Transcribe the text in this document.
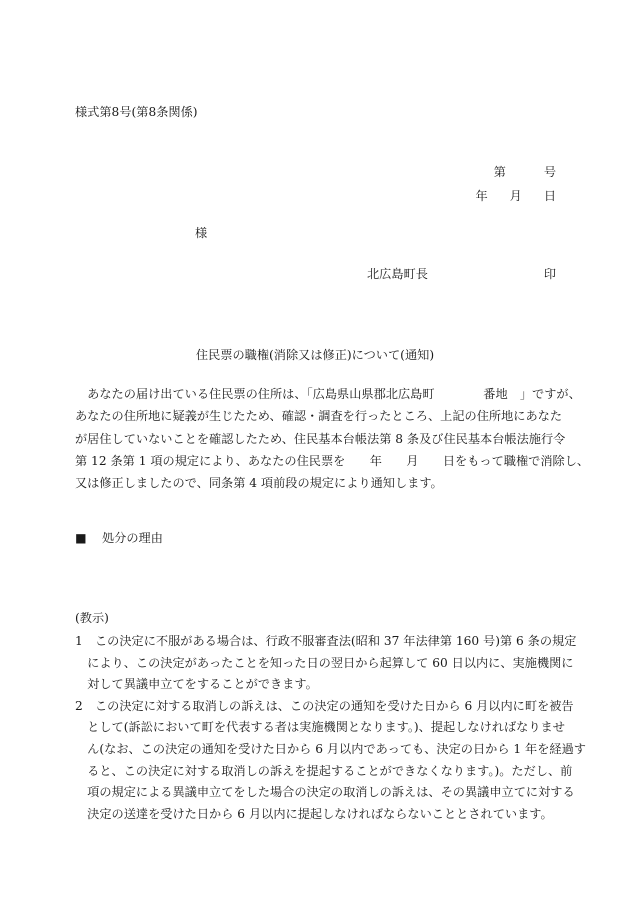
様式第8号(第8条関係)
第	号
年 月 日
様
北広島町長	印
住民票の職権(消除又は修正)について(通知)
　あなたの届け出ている住民票の住所は、「広島県山県郡北広島町　　　　番地　」ですが、
あなたの住所地に疑義が生じたため、確認・調査を行ったところ、上記の住所地にあなた
が居住していないことを確認したため、住民基本台帳法第 8 条及び住民基本台帳法施行令
第 12 条第 1 項の規定により、あなたの住民票を　　年　　月　　日をもって職権で消除し、
又は修正しましたので、同条第 4 項前段の規定により通知します。
■ 処分の理由
(教示)
1　この決定に不服がある場合は、行政不服審査法(昭和 37 年法律第 160 号)第 6 条の規定
　により、この決定があったことを知った日の翌日から起算して 60 日以内に、実施機関に
　対して異議申立てをすることができます。
2　この決定に対する取消しの訴えは、この決定の通知を受けた日から 6 月以内に町を被告
　として(訴訟において町を代表する者は実施機関となります。)、提起しなければなりませ
　ん(なお、この決定の通知を受けた日から 6 月以内であっても、決定の日から 1 年を経過す
　ると、この決定に対する取消しの訴えを提起することができなくなります。)。ただし、前
　項の規定による異議申立てをした場合の決定の取消しの訴えは、その異議申立てに対する
　決定の送達を受けた日から 6 月以内に提起しなければならないこととされています。
